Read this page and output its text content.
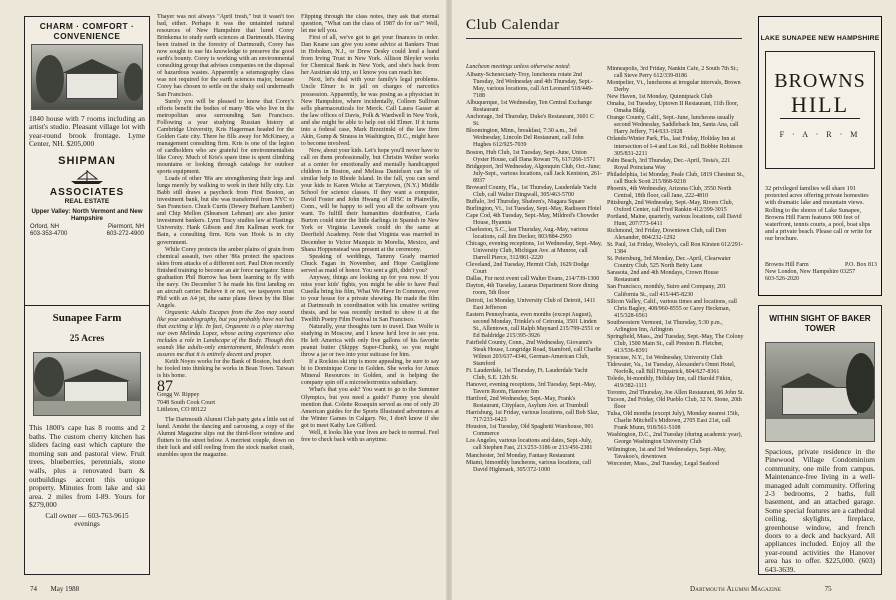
CHARM · COMFORT · CONVENIENCE
1840 house with 7 rooms including an artist's studio. Pleasant village lot with year-round brook frontage. Lyme Center, NH. $205,000
SHIPMAN
ASSOCIATES
REAL ESTATE
Upper Valley: North Vermont and New Hampshire
Orford, NH
603-353-4700
Piermont, NH
603-272-4900
Sunapee Farm
25 Acres
This 1800's cape has 8 rooms and 2 baths. The custom cherry kitchen has sliders facing east which capture the morning sun and pastoral view. Fruit trees, blueberries, perennials, stone walls, plus a renovated barn & outbuildings accent this unique property. Minutes from lake and ski area. 2 miles from I-89. Yours for $279,000
Call owner — 603-763-9615 evenings

Thayer was not always "April fresh," but it wasn't too bad, either. Perhaps it was the untainted natural resources of New Hampshire that lured Corey Brinkema to study earth sciences at Dartmouth. Having been trained in the forestry of Dartmouth, Corey has now sought to use his knowledge to preserve the good earth's bounty. Corey is working with an environmental consulting group that advises companies on the disposal of hazardous wastes. Apparently a seismography class was not required for the earth sciences major, because Corey has chosen to settle on the shaky soil underneath San Francisco.

Surely you will be pleased to know that Corey's efforts benefit the bodies of many '86s who live in the metropolitan area surrounding San Francisco. Following a year studying Russian history at Cambridge University, Kris Hagerman headed for the Golden Gate city. There he fills away for McKinsey, a management consulting firm. Kris is one of the legion of cardholders who are grateful for environmentalists like Corey. Much of Kris's spare time is spent climbing mountains or looking through catalogs for outdoor sports equipment.

Loads of other '86s are strengthening their legs and lungs merely by walking to work in their hilly city. Liz Babb still draws a paycheck from First Boston, an investment bank, but she was transferred from NYC to San Francisco. Chuck Curtis (Dewey Burham Lambert) and Chip Mellon (Shearson Lehman) are also junior investment bankers. Lynn Tracy studies law at Hastings University. Hank Gibson and Jim Kallman work for Bain, a consulting firm. Kris van Hook is in city government.

While Corey protects the amber plains of grain from chemical assault, two other '86s protect the spacious skies from attacks of a different sort. Paul Dion recently finished training to become an air force navigator. Since graduation Phil Burrow has been learning to fly with the navy. On December 5 he made his first landing on an aircraft carrier. Believe it or not, we taxpayers trust Phil with an A4 jet, the same plane flown by the Blue Angels.

Orgasmic Adults Escapes from the Zoo may sound like your autobiography, but you probably have not had that exciting a life. In fact, Orgasmic is a play starring our own Melinda Lopez, whose acting experience also includes a role in Landscape of the Body. Though this sounds like adults-only entertainment, Melinda's mom assures me that it is entirely decent and proper.

Keith Noyes works for the Bank of Boston, but don't be fooled into thinking he works in Bean Town. Taiwan is his home.

87
Gregg W. Rippey
7048 South Cook Court
Littleton, CO 80122

The Dartmouth Alumni Club party gets a little out of hand. Amidst the dancing and carousing, a copy of the Alumni Magazine slips out the third-floor window and flutters to the street below. A merriest couple, down on their luck and still reeling from the stock market crash, stumbles upon the magazine.

Flipping through the class notes, they ask that eternal question, "What can the class of 1987 do for us?" Well, let me tell you.

First of all, we've got to get your finances in order. Dan Keane can give you some advice at Bankers Trust in Hoboken, N.J., or Drew Desky could lend a hand from Irving Trust in New York. Allison Bleyler works for Chemical Bank in New York, and she's back from her Austrian ski trip, so I know you can reach her.

Next, let's deal with your family's legal problems. Uncle Elmer is in jail on charges of narcotics possession. Apparently, he was posing as a physician in New Hampshire, where incidentally, Colleen Sullivan sells pharmaceuticals for Merck. Call Laura Gasser at the law offices of Davis, Polk & Wardwell in New York, and she might be able to help out old Elmer. If it turns into a federal case, Mark Brzezinski of the law firm Akin, Gump & Strauss in Washington, D.C., might have to become involved.

Now, about your kids. Let's hope you'll never have to call on them professionally, but Christin Weiher works at a center for emotionally and mentally handicapped children in Boston, and Melissa Danielson can be of similar help in Rhode Island. In the fall, you can send your kids to Karen Wicke at Tarrytown, (N.Y.) Middle School for science classes. If they want a computer, David Foster and John Hwang of DISC in Plainville, Conn., will be happy to sell you all the software you want. To fulfill their humanities distributive, Carla Burton could tutor the little darlings in Spanish in New York or Virginia Lavenek could do the same at Deerfield Academy. Note that Virginia was married in December to Victor Muzquiz in Morelia, Mexico, and Shana Hoppenstead was present at the ceremony.

Speaking of weddings, Tammy Grady married Chuck Fagan in November, and Hope Castiglione served as maid of honor. You sent a gift, didn't you?

Anyway, things are looking up for you now. If you miss your kids' fights, you might be able to have Paul Cusella bring his film, What We Have In Common, over to your house for a private showing. He made the film at Dartmouth in coordination with his creative writing thesis, and he was recently invited to show it at the Twelfth Poetry Film Festival in San Francisco.

Naturally, your thoughts turn to travel. Dan Wolfe is studying in Moscow, and I know he'd love to see you. He left America with only five gallons of his favorite peanut butter (Skippy Super-Chunk), so you might throw a jar or two into your suitcase for him.

If a Rockies ski trip is more appealing, be sure to say hi to Dominique Cone in Golden. She works for Amax Mineral Resources in Golden, and is helping the company spin off a microelectronics subsidiary.

What's that you ask? You want to go to the Summer Olympics, but you need a guide? Funny you should mention that. Colette Rosequin served as one of only 20 American guides for the Sports Illustrated adventures at the Winter Games in Calgary. No, I don't know if she got to meet Kathy Lee Gifford.

Well, it looks like your lives are back to normal. Feel free to check back with us anytime.

74 May 1988
Club Calendar
Luncheon meetings unless otherwise noted:

Albany-Schenectady-Troy, luncheons rotate 2nd Tuesday, 3rd Wednesday and 4th Thursday, Sept.-May, various locations, call Art Leonard 518/449-7188

Albuquerque, 1st Wednesday, Ten Central Exchange Restaurant

Anchorage, 3rd Thursday, Duke's Restaurant, 3601 C St.

Bloomington, Minn., breakfast, 7:30 a.m., 3rd Wednesday, Lincoln Del Restaurant, call John Hughes 612/925-7039

Boston, Hub Club, 1st Tuesday, Sept.-June, Union Oyster House, call Dana Rowan '76, 617/266-1571

Bridgeport, 3rd Wednesday, Algonquin Club, Oct.-June; July-Sept., various locations, call Jack Keniston, 261-8937

Broward County, Fla., 1st Thursday, Lauderdale Yacht Club, call Walter Dingwall, 305/463-5700

Buffalo, 3rd Thursday, Shafeen's, Niagara Square

Burlington, Vt., 1st Tuesday, Sept.-May, Radisson Hotel

Cape Cod, 4th Tuesday, Sept.-May, Mildred's Chowder House, Hyannis

Charleston, S.C., last Thursday, Aug.-May, various locations, call Jim Decker, 803/884-2993

Chicago, evening receptions, 1st Wednesday, Sept.-May, University Club, Michigan Ave. at Munroe, call Darrell Pierce, 312/861-2220

Cleveland, 2nd Tuesday, Hermit Club, 1629 Dodge Court

Dallas, For next event call Walter Evans, 214/739-1300

Dayton, 4th Tuesday, Lazarus Department Store dining room, 5th floor

Detroit, 1st Monday, University Club of Detroit, 1411 East Jefferson

Eastern Pennsylvania, even months (except August), second Monday, Trinkle's of Cetronia, 3501 Linden St., Allentown, call Ralph Maynard 215/799-2551 or Ed Baldridge 215/395-3926

Fairfield County, Conn., 2nd Wednesday, Giovanni's Steak House, Longridge Road, Stamford, call Charlie Wilmot 203/637-4346, German-American Club, Stamford

Ft. Lauderdale, 1st Thursday, Ft. Lauderdale Yacht Club, S.E. 12th St.

Hanover, evening receptions, 3rd Tuesday, Sept.-May, Tavern Room, Hanover Inn

Hartford, 2nd Wednesday, Sept.-May, Frank's Restaurant, Cityplace, Asylum Ave. at Trumbull

Harrisburg, 1st Friday, various locations, call Bob Slaz, 717/233-6423

Houston, 1st Tuesday, Old Spaghetti Warehouse, 901 Commerce

Los Angeles, various locations and dates, Sept.-July, call Stephen Fast, 213/253-3186 or 213/456-2381

Manchester, 3rd Monday, Fantasy Restaurant

Miami, bimonthly luncheons, various locations, call David Highmark, 305/372-1000

Minneapolis, 3rd Friday, Nankin Cafe, 2 South 7th St.; call Steve Perry 612/339-8186

Montpelier, Vt., luncheons at irregular intervals, Brown Derby

New Haven, 1st Monday, Quinnipiack Club

Omaha, 1st Tuesday, Uptown II Restaurant, 11th floor, Omaha Bldg.

Orange County, Calif., Sept.-June, luncheons usually second Wednesday, Saddleback Inn, Santa Ana, call Harry Jeffery, 714/633-1928

Orlando/Winter Park, Fla., last Friday, Holiday Inn at intersection of I-4 and Lee Rd., call Bobbie Robinson 305/831-2211

Palm Beach, 3rd Thursday, Dec.-April, Testa's, 221 Royal Poinciana Way

Philadelphia, 1st Monday, Peale Club, 1819 Chestnut St., call Buck Scott 215/868-9218

Phoenix, 4th Wednesday, Arizona Club, 3550 North Central, 18th floor, call Jane, 222-4810

Pittsburgh, 2nd Wednesday, Sept.-May, Rivers Club, Oxford Center, call Fred Rankin 412/399-3015

Portland, Maine, quarterly, various locations, call David Hunt, 207/773-6411

Richmond, 3rd Friday, Downtown Club, call Don Alexander, 804/232-1292

St. Paul, 1st Friday, Wooley's, call Ron Kirsten 612/291-1384

St. Petersburg, 3rd Monday, Dec.-April, Clearwater Country Club, 525 North Betty Lane

Sarasota, 2nd and 4th Mondays, Crown House Restaurant

San Francisco, monthly, Sutro and Company, 201 California St., call 415/445-8230

Silicon Valley, Calif., various times and locations, call Chris Bagley, 408/960-8555 or Carey Heckman, 415/328-6561

Southwestern Vermont, 1st Thursday, 5:30 p.m., Arlington Inn, Arlington

Springfield, Mass., 2nd Tuesday, Sept.-May, The Colony Club, 1500 Main St., call Preston B. Fletcher, 413/536-8391

Syracuse, N.Y., 1st Wednesday, University Club

Tidewater, Va., 1st Tuesday, Alexander's Omni Hotel, Norfolk, call Bill Fitzpatrick, 804/627-8361

Toledo, bi-monthly, Holiday Inn, call Harold Fitkin, 419/382-1111

Toronto, 2nd Thursday, Joe Allen Restaurant, 86 John St.

Tucson, 2nd Friday, Old Pueblo Club, 32 N. Stone, 20th floor

Tulsa, Old months (except July), Monday nearest 15th, Charlie Mitchell's Midtown, 2705 East 21st, call Frank Munn, 918/561-5108

Washington, D.C., 2nd Tuesday (during academic year), George Washington University Club

Wilmington, 1st and 3rd Wednesdays, Sept.-May, Tavakoo's, downtown

Worcester, Mass., 2nd Tuesday, Legal Seafood

LAKE SUNAPEE NEW HAMPSHIRE
BROWNS
HILL
F · A · R · M
32 privileged families will share 191 protected acres offering private homesites with dramatic lake and mountain views. Rolling to the shores of Lake Sunapee, Browns Hill Farm features 900 feet of waterfront, tennis courts, a pool, boat slips and a private beach. Please call or write for our brochure.
Browns Hill Farm	P.O. Box 813
New London, New Hampshire 03257
603-526-2020
WITHIN SIGHT OF BAKER TOWER
Spacious, private residence in the Pinewood Village Condominium community, one mile from campus. Maintenance-free living in a well-managed adult community. Offering 2-3 bedrooms, 2 baths, full basement, and an attached garage. Some special features are a cathedral ceiling, skylights, fireplace, greenhouse window, and french doors to a deck and backyard. All appliances included. Enjoy all the year-round activities the Hanover area has to offer. $225,000. (603) 643-3639.
Dartmouth Alumni Magazine	75
